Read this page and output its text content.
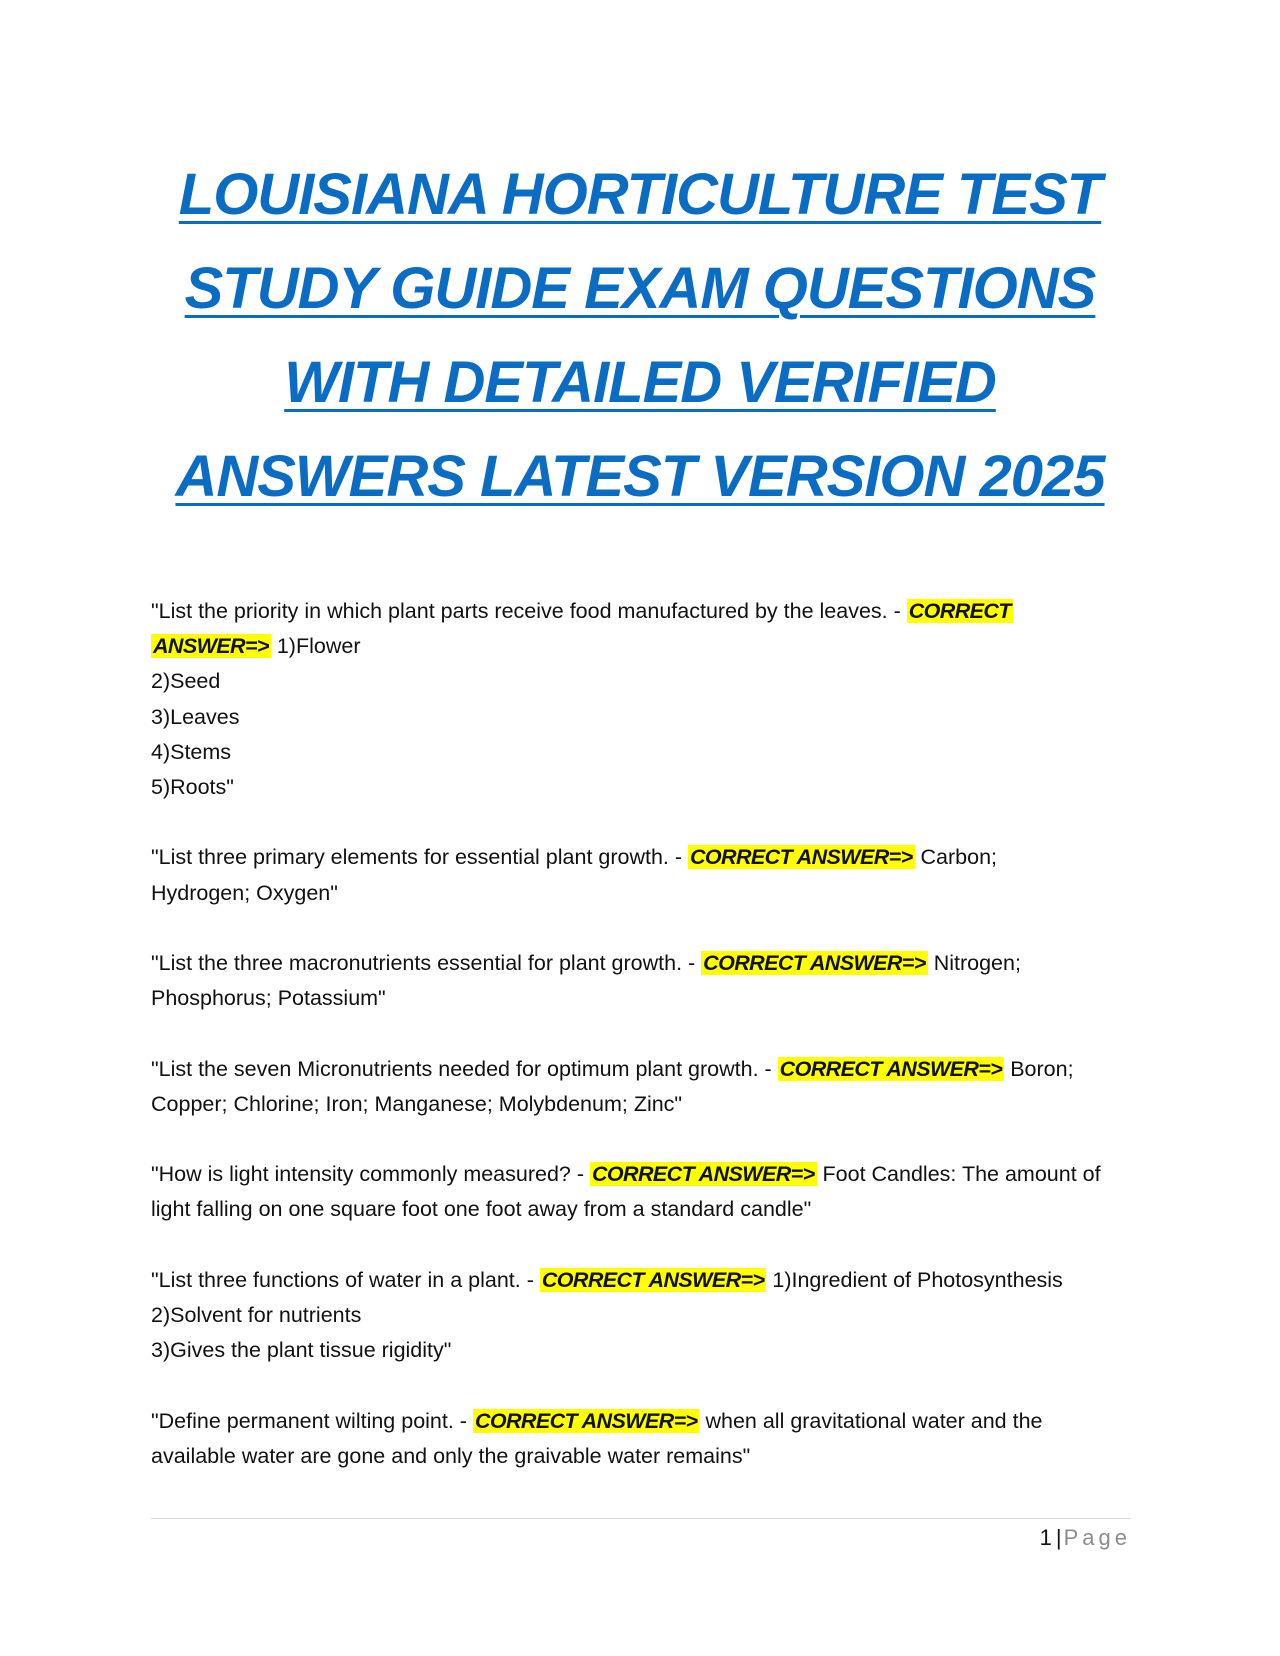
LOUISIANA HORTICULTURE TEST
STUDY GUIDE EXAM QUESTIONS
WITH DETAILED VERIFIED
ANSWERS LATEST VERSION 2025
"List the priority in which plant parts receive food manufactured by the leaves. - CORRECT
ANSWER=> 1)Flower
2)Seed
3)Leaves
4)Stems
5)Roots"
"List three primary elements for essential plant growth. - CORRECT ANSWER=> Carbon;
Hydrogen; Oxygen"
"List the three macronutrients essential for plant growth. - CORRECT ANSWER=> Nitrogen;
Phosphorus; Potassium"
"List the seven Micronutrients needed for optimum plant growth. - CORRECT ANSWER=> Boron;
Copper; Chlorine; Iron; Manganese; Molybdenum; Zinc"
"How is light intensity commonly measured? - CORRECT ANSWER=> Foot Candles: The amount of
light falling on one square foot one foot away from a standard candle"
"List three functions of water in a plant. - CORRECT ANSWER=> 1)Ingredient of Photosynthesis
2)Solvent for nutrients
3)Gives the plant tissue rigidity"
"Define permanent wilting point. - CORRECT ANSWER=> when all gravitational water and the
available water are gone and only the graivable water remains"
1 |Page
